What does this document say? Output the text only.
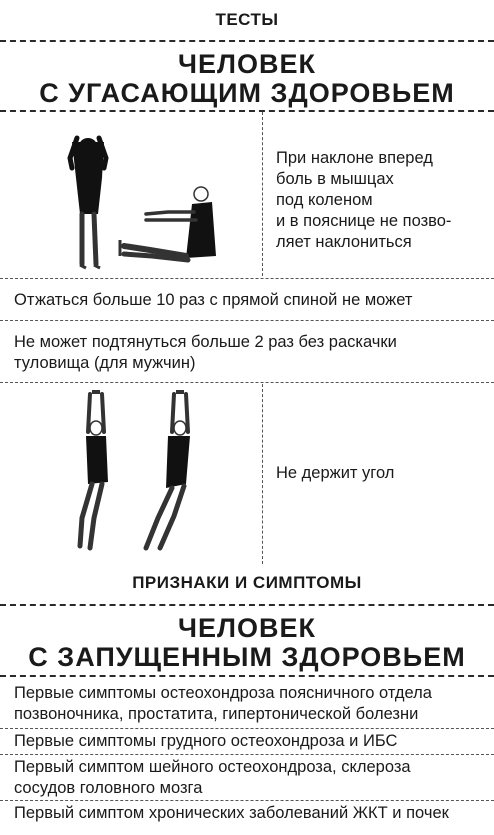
ТЕСТЫ
ЧЕЛОВЕК
С УГАСАЮЩИМ ЗДОРОВЬЕМ
При наклоне вперед
боль в мышцах
под коленом
и в пояснице не позво-
ляет наклониться
Отжаться больше 10 раз с прямой спиной не может
Не может подтянуться больше 2 раз без раскачки
туловища (для мужчин)
Не держит угол
ПРИЗНАКИ И СИМПТОМЫ
ЧЕЛОВЕК
С ЗАПУЩЕННЫМ ЗДОРОВЬЕМ
Первые симптомы остеохондроза поясничного отдела
позвоночника, простатита, гипертонической болезни
Первые симптомы грудного остеохондроза и ИБС
Первый симптом шейного остеохондроза, склероза
сосудов головного мозга
Первый симптом хронических заболеваний ЖКТ и почек
